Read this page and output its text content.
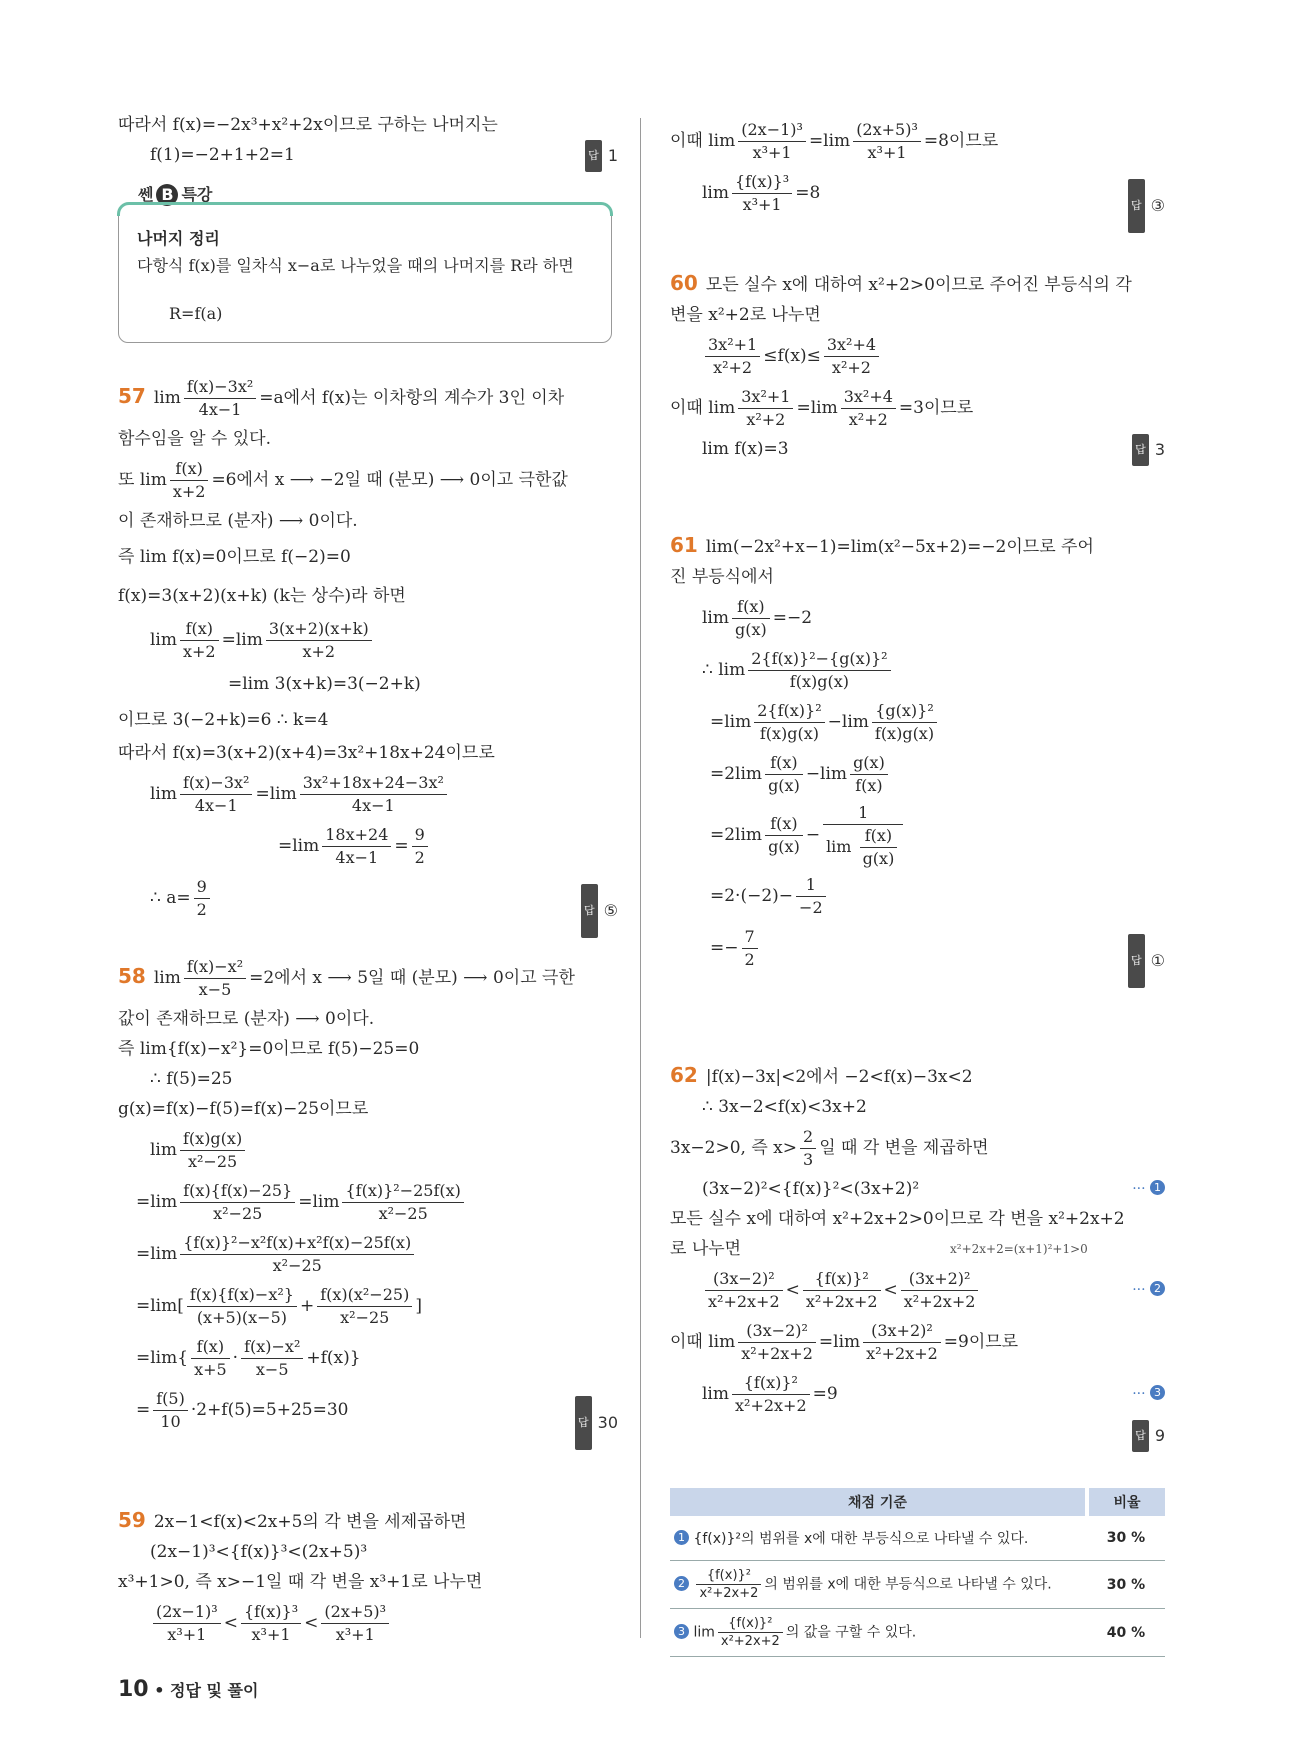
따라서 f(x)=−2x³+x²+2x이므로 구하는 나머지는
f(1)=−2+1+2=1	답 1
쎈 B 특강
나머지 정리
다항식 f(x)를 일차식 x−a로 나누었을 때의 나머지를 R라 하면
R=f(a)
57 $\lim \frac{\text{f(x)−3x²}}{4x-1} =a$에서 f(x)는 이차항의 계수가 3인 이차
함수임을 알 수 있다.
또 $\lim \frac{f(x)}{x+2} =6$에서 x ⟶ −2일 때 (분모) ⟶ 0이고 극한값
이 존재하므로 (분자) ⟶ 0이다.
즉 lim f(x)=0이므로 f(−2)=0
f(x)=3(x+2)(x+k) (k는 상수)라 하면
$\lim \frac{f(x)}{x+2} =\lim \frac{3(x+2)(x+k)}{x+2}$
=lim 3(x+k)=3(−2+k)
이므로 3(−2+k)=6 ∴ k=4
따라서 f(x)=3(x+2)(x+4)=3x²+18x+24이므로
$\lim \frac{\text{f(x)−3x²}}{4x-1} =\lim \frac{\text{3x²+18x+24−3x²}}{4x-1}$
$=\lim \frac{18x+24}{4x-1} = \frac{9}{2}$
∴ $a= \frac{9}{2}$	답 ⑤
58 $\lim \frac{\text{f(x)−x²}}{x-5} =2$에서 x ⟶ 5일 때 (분모) ⟶ 0이고 극한
값이 존재하므로 (분자) ⟶ 0이다.
즉 lim{f(x)−x²}=0이므로 f(5)−25=0
∴ f(5)=25
g(x)=f(x)−f(5)=f(x)−25이므로
$\lim \frac{f(x)g(x)}{\text{x²−25}}$
$=\lim \frac{f(x)\{f(x)-25\}}{\text{x²−25}} =\lim \frac{\text{\{f(x)\}²−25f(x)}}{\text{x²−25}}$
$=\lim \frac{\text{\{f(x)\}²−x²f(x)+x²f(x)−25f(x)}}{\text{x²−25}}$
$=\lim[ \frac{\text{f(x)\{f(x)−x²\}}}{(x+5)(x-5)} + \frac{\text{f(x)(x²−25)}}{\text{x²−25}}$ ]
$=\lim\{ \frac{f(x)}{x+5} \cdot \frac{\text{f(x)−x²}}{x-5} +f(x)\}$
= $\frac{f(5)}{10} \cdot 2+f(5)=5+25=30$
답 30
59 2x−1<f(x)<2x+5의 각 변을 세제곱하면
(2x−1)³<{f(x)}³<(2x+5)³
x³+1>0, 즉 x>−1일 때 각 변을 x³+1로 나누면
$\frac{\text{(2x−1)³}}{\text{x³+1}} < \frac{\text{\{f(x)\}³}}{\text{x³+1}} < \frac{\text{(2x+5)³}}{\text{x³+1}}$
이때 $\lim \frac{\text{(2x−1)³}}{\text{x³+1}} =\lim \frac{\text{(2x+5)³}}{\text{x³+1}} =8$이므로
$\lim \frac{\text{\{f(x)\}³}}{\text{x³+1}} =8$
답 ③
60 모든 실수 x에 대하여 x²+2>0이므로 주어진 부등식의 각
변을 x²+2로 나누면
$\frac{\text{3x²+1}}{\text{x²+2}} \le f(x)\le \frac{\text{3x²+4}}{\text{x²+2}}$
이때 $\lim \frac{\text{3x²+1}}{\text{x²+2}} =\lim \frac{\text{3x²+4}}{\text{x²+2}} =3$이므로
lim f(x)=3	답 3
61 lim(−2x²+x−1)=lim(x²−5x+2)=−2이므로 주어
진 부등식에서
$\lim \frac{f(x)}{g(x)} =-2$
∴ $\lim \frac{\text{2\{f(x)\}²−\{g(x)\}²}}{f(x)g(x)}$
$=\lim \frac{\text{2\{f(x)\}²}}{f(x)g(x)} -\lim \frac{\text{\{g(x)\}²}}{f(x)g(x)}$
$=2\lim \frac{f(x)}{g(x)} -\lim \frac{g(x)}{f(x)}$
$=2\lim \frac{f(x)}{g(x)} - \frac{1}{\lim \frac{f(x)}{g(x)}}$
$=2\cdot(-2)- \frac{1}{-2}$
=− $\frac{7}{2}$	답 ①
62 |f(x)−3x|<2에서 −2<f(x)−3x<2
∴ 3x−2<f(x)<3x+2
3x−2>0, 즉 $x> \frac{2}{3}$ 일 때 각 변을 제곱하면
(3x−2)²<{f(x)}²<(3x+2)²	··· 1
모든 실수 x에 대하여 x²+2x+2>0이므로 각 변을 x²+2x+2
로 나누면	x²+2x+2=(x+1)²+1>0
$\frac{\text{(3x−2)²}}{\text{x²+2x+2}} < \frac{\text{\{f(x)\}²}}{\text{x²+2x+2}} < \frac{\text{(3x+2)²}}{\text{x²+2x+2}}$	··· 2
이때 $\lim \frac{\text{(3x−2)²}}{\text{x²+2x+2}} =\lim \frac{\text{(3x+2)²}}{\text{x²+2x+2}} =9$이므로
$\lim \frac{\text{\{f(x)\}²}}{\text{x²+2x+2}} =9$	··· 3
답 9
채점 기준	비율
1 {f(x)}²의 범위를 x에 대한 부등식으로 나타낼 수 있다.	30 %
$2 \frac{\text{\{f(x)\}²}}{\text{x²+2x+2}}$ 의 범위를 x에 대한 부등식으로 나타낼 수 있다.	30 %
3 $\lim \frac{\text{\{f(x)\}²}}{\text{x²+2x+2}}$ 의 값을 구할 수 있다.	40 %
10 • 정답 및 풀이
